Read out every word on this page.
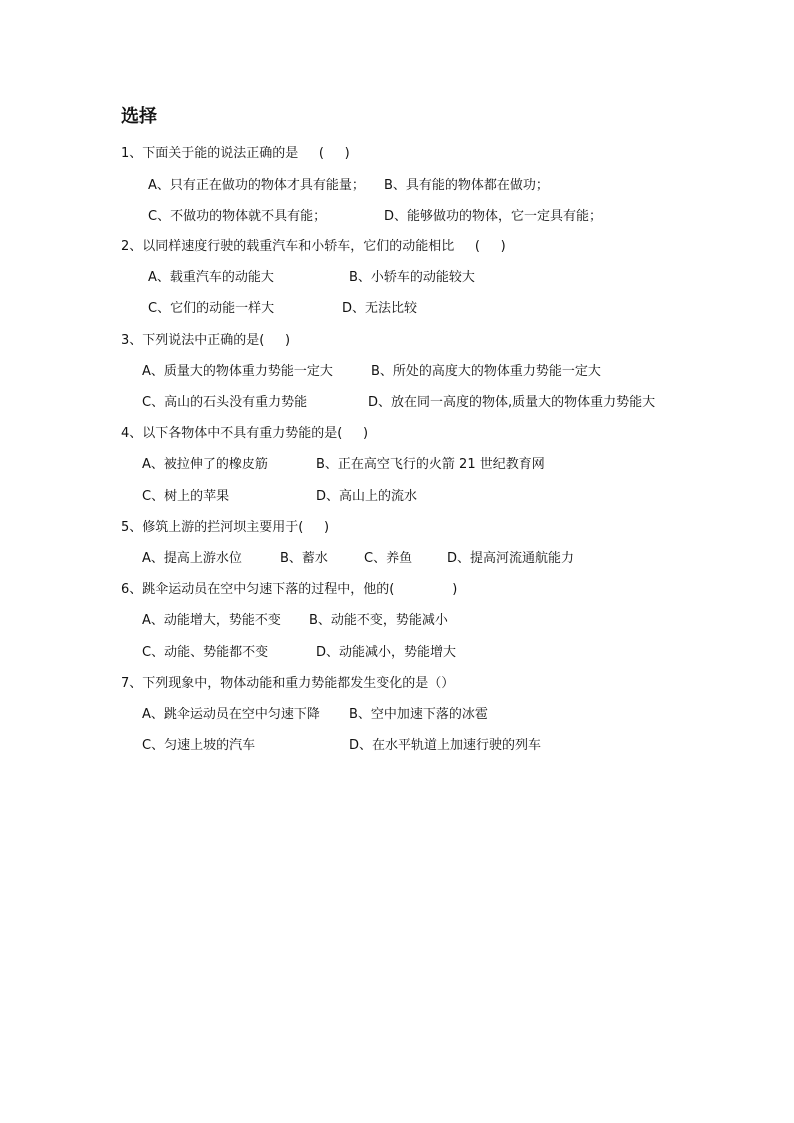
选择
1、下面关于能的说法正确的是     (     )
A、只有正在做功的物体才具有能量； B、具有能的物体都在做功；
C、不做功的物体就不具有能；	D、能够做功的物体，它一定具有能；
2、以同样速度行驶的载重汽车和小轿车，它们的动能相比     (     )
A、载重汽车的动能大	B、小轿车的动能较大
C、它们的动能一样大	D、无法比较
3、下列说法中正确的是(     )
A、质量大的物体重力势能一定大	B、所处的高度大的物体重力势能一定大
C、高山的石头没有重力势能	D、放在同一高度的物体,质量大的物体重力势能大
4、以下各物体中不具有重力势能的是(     )
A、被拉伸了的橡皮筋	B、正在高空飞行的火箭 21 世纪教育网
C、树上的苹果	D、高山上的流水
5、修筑上游的拦河坝主要用于(     )
A、提高上游水位	B、蓄水	C、养鱼	D、提高河流通航能力
6、跳伞运动员在空中匀速下落的过程中，他的(              )
A、动能增大，势能不变 B、动能不变，势能减小
C、动能、势能都不变	D、动能减小，势能增大
7、下列现象中，物体动能和重力势能都发生变化的是（）
A、跳伞运动员在空中匀速下降 B、空中加速下落的冰雹
C、匀速上坡的汽车	D、在水平轨道上加速行驶的列车
